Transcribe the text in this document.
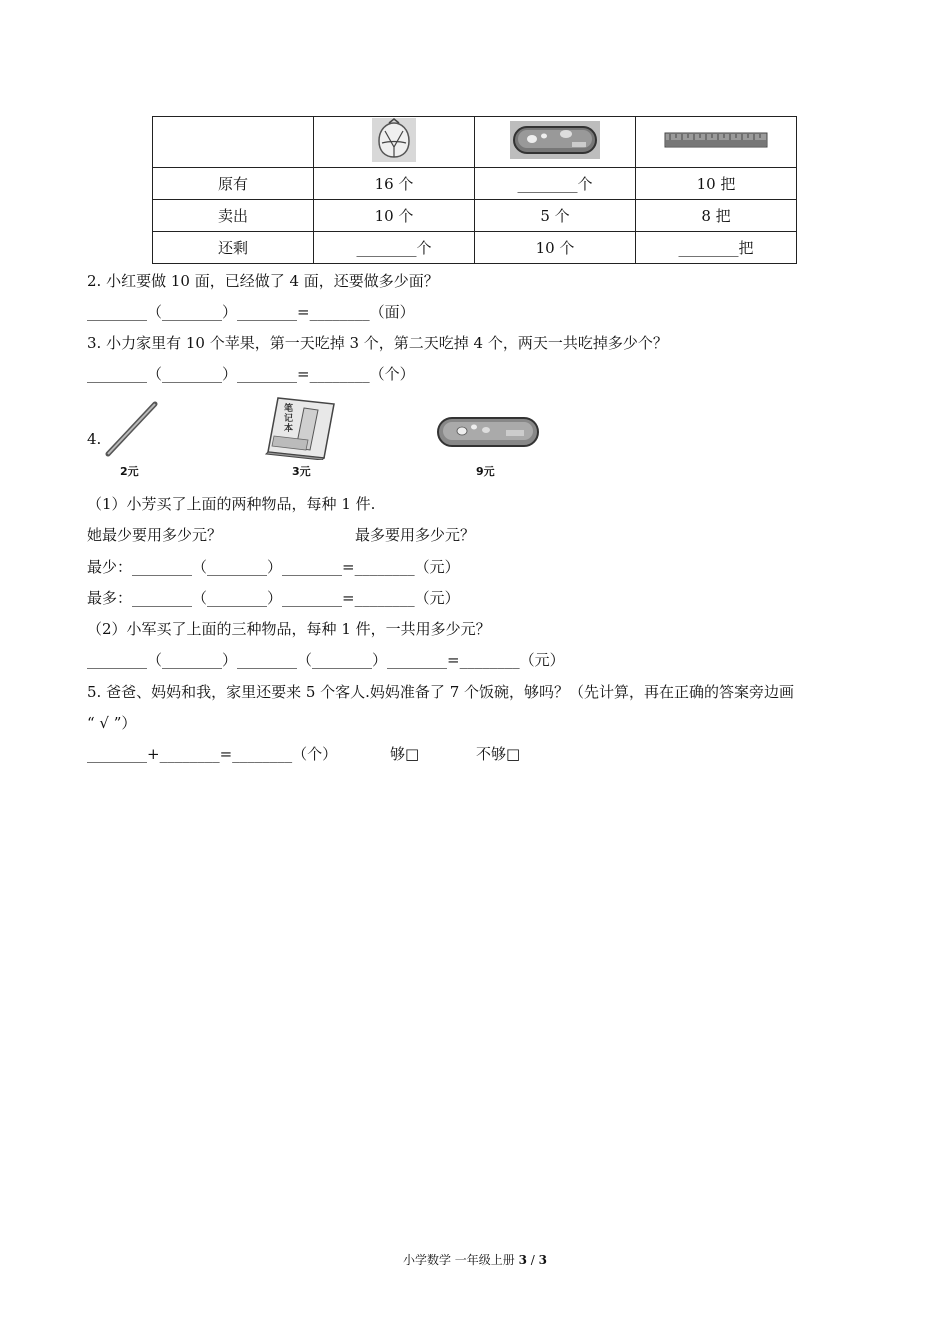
原有	16 个	________个	10 把
卖出	10 个	5 个	8 把
还剩	________个	10 个	________把
2. 小红要做 10 面，已经做了 4 面，还要做多少面？
________（________）________=________（面）
3. 小力家里有 10 个苹果，第一天吃掉 3 个，第二天吃掉 4 个，两天一共吃掉多少个？
________（________）________=________（个）
4.
2元
笔记本
3元	9元
（1）小芳买了上面的两种物品，每种 1 件.
她最少要用多少元？	最多要用多少元？
最少：________（________）________=________（元）
最多：________（________）________=________（元）
（2）小军买了上面的三种物品，每种 1 件，一共用多少元？
________（________）________（________）________=________（元）
5. 爸爸、妈妈和我，家里还要来 5 个客人.妈妈准备了 7 个饭碗，够吗？（先计算，再在正确的答案旁边画
“ √ ”）
________+________=________（个）	够□	不够□
小学数学 一年级上册 3 / 3
